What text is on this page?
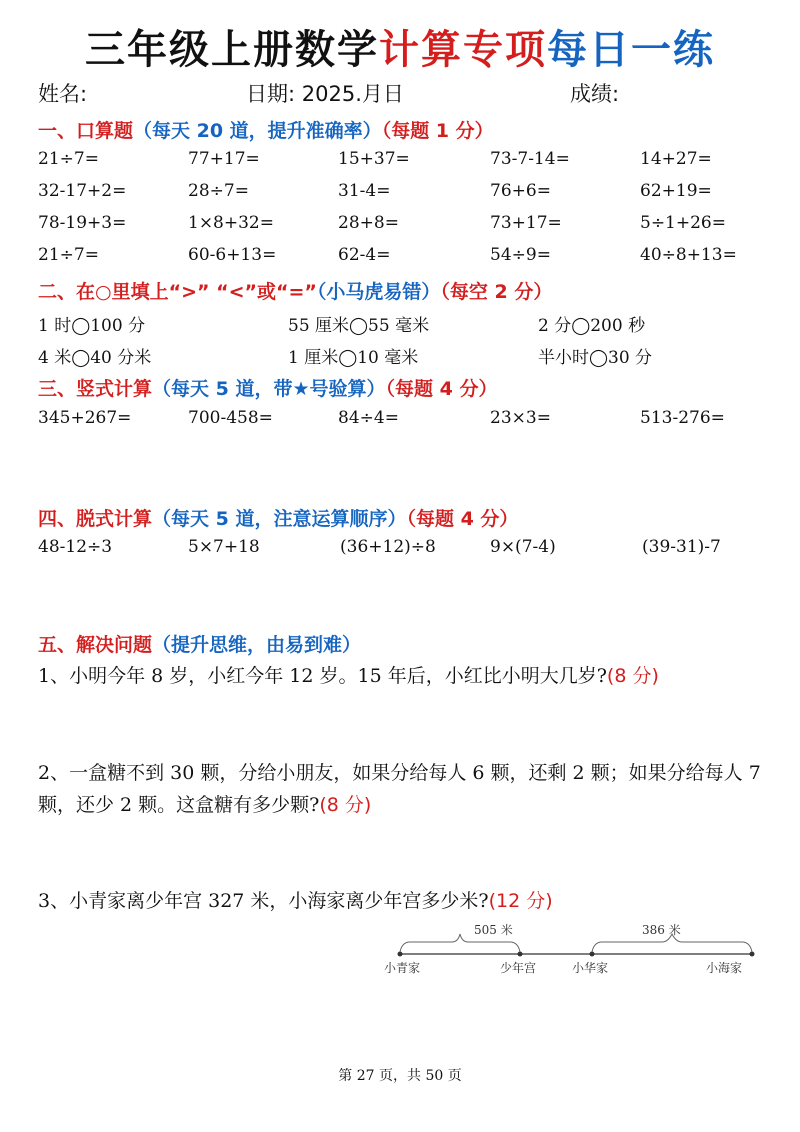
三年级上册数学计算专项每日一练
姓名:	日期: 2025.
月
日	成绩:
一、口算题（每天 20 道，提升准确率）（每题 1 分）
21÷7=	77+17=	15+37=	73-7-14=	14+27=
32-17+2=	28÷7=	31-4=	76+6=	62+19=
78-19+3=	1×8+32=	28+8=	73+17=	5÷1+26=
21÷7=	60-6+13=	62-4=	54÷9=	40÷8+13=
二、在○里填上“>” “<”或“=”（小马虎易错）（每空 2 分）
1 时◯100 分	55 厘米◯55 毫米	2 分◯200 秒
4 米◯40 分米	1 厘米◯10 毫米	半小时◯30 分
三、竖式计算（每天 5 道，带★号验算）（每题 4 分）
345+267=	700-458=	84÷4=	23×3=	513-276=
四、脱式计算（每天 5 道，注意运算顺序）（每题 4 分）
48-12÷3	5×7+18	(36+12)÷8	9×(7-4)	(39-31)-7
五、解决问题（提升思维，由易到难）
1、小明今年 8 岁，小红今年 12 岁。15 年后，小红比小明大几岁?(8 分)
2、一盒糖不到 30 颗，分给小朋友，如果分给每人 6 颗，还剩 2 颗；如果分给每人 7 颗，还少 2 颗。这盒糖有多少颗?(8 分)
3、小青家离少年宫 327 米，小海家离少年宫多少米?(12 分)
505 米	386 米
小青家	少年宫	小华家	小海家
第 27 页，共 50 页
